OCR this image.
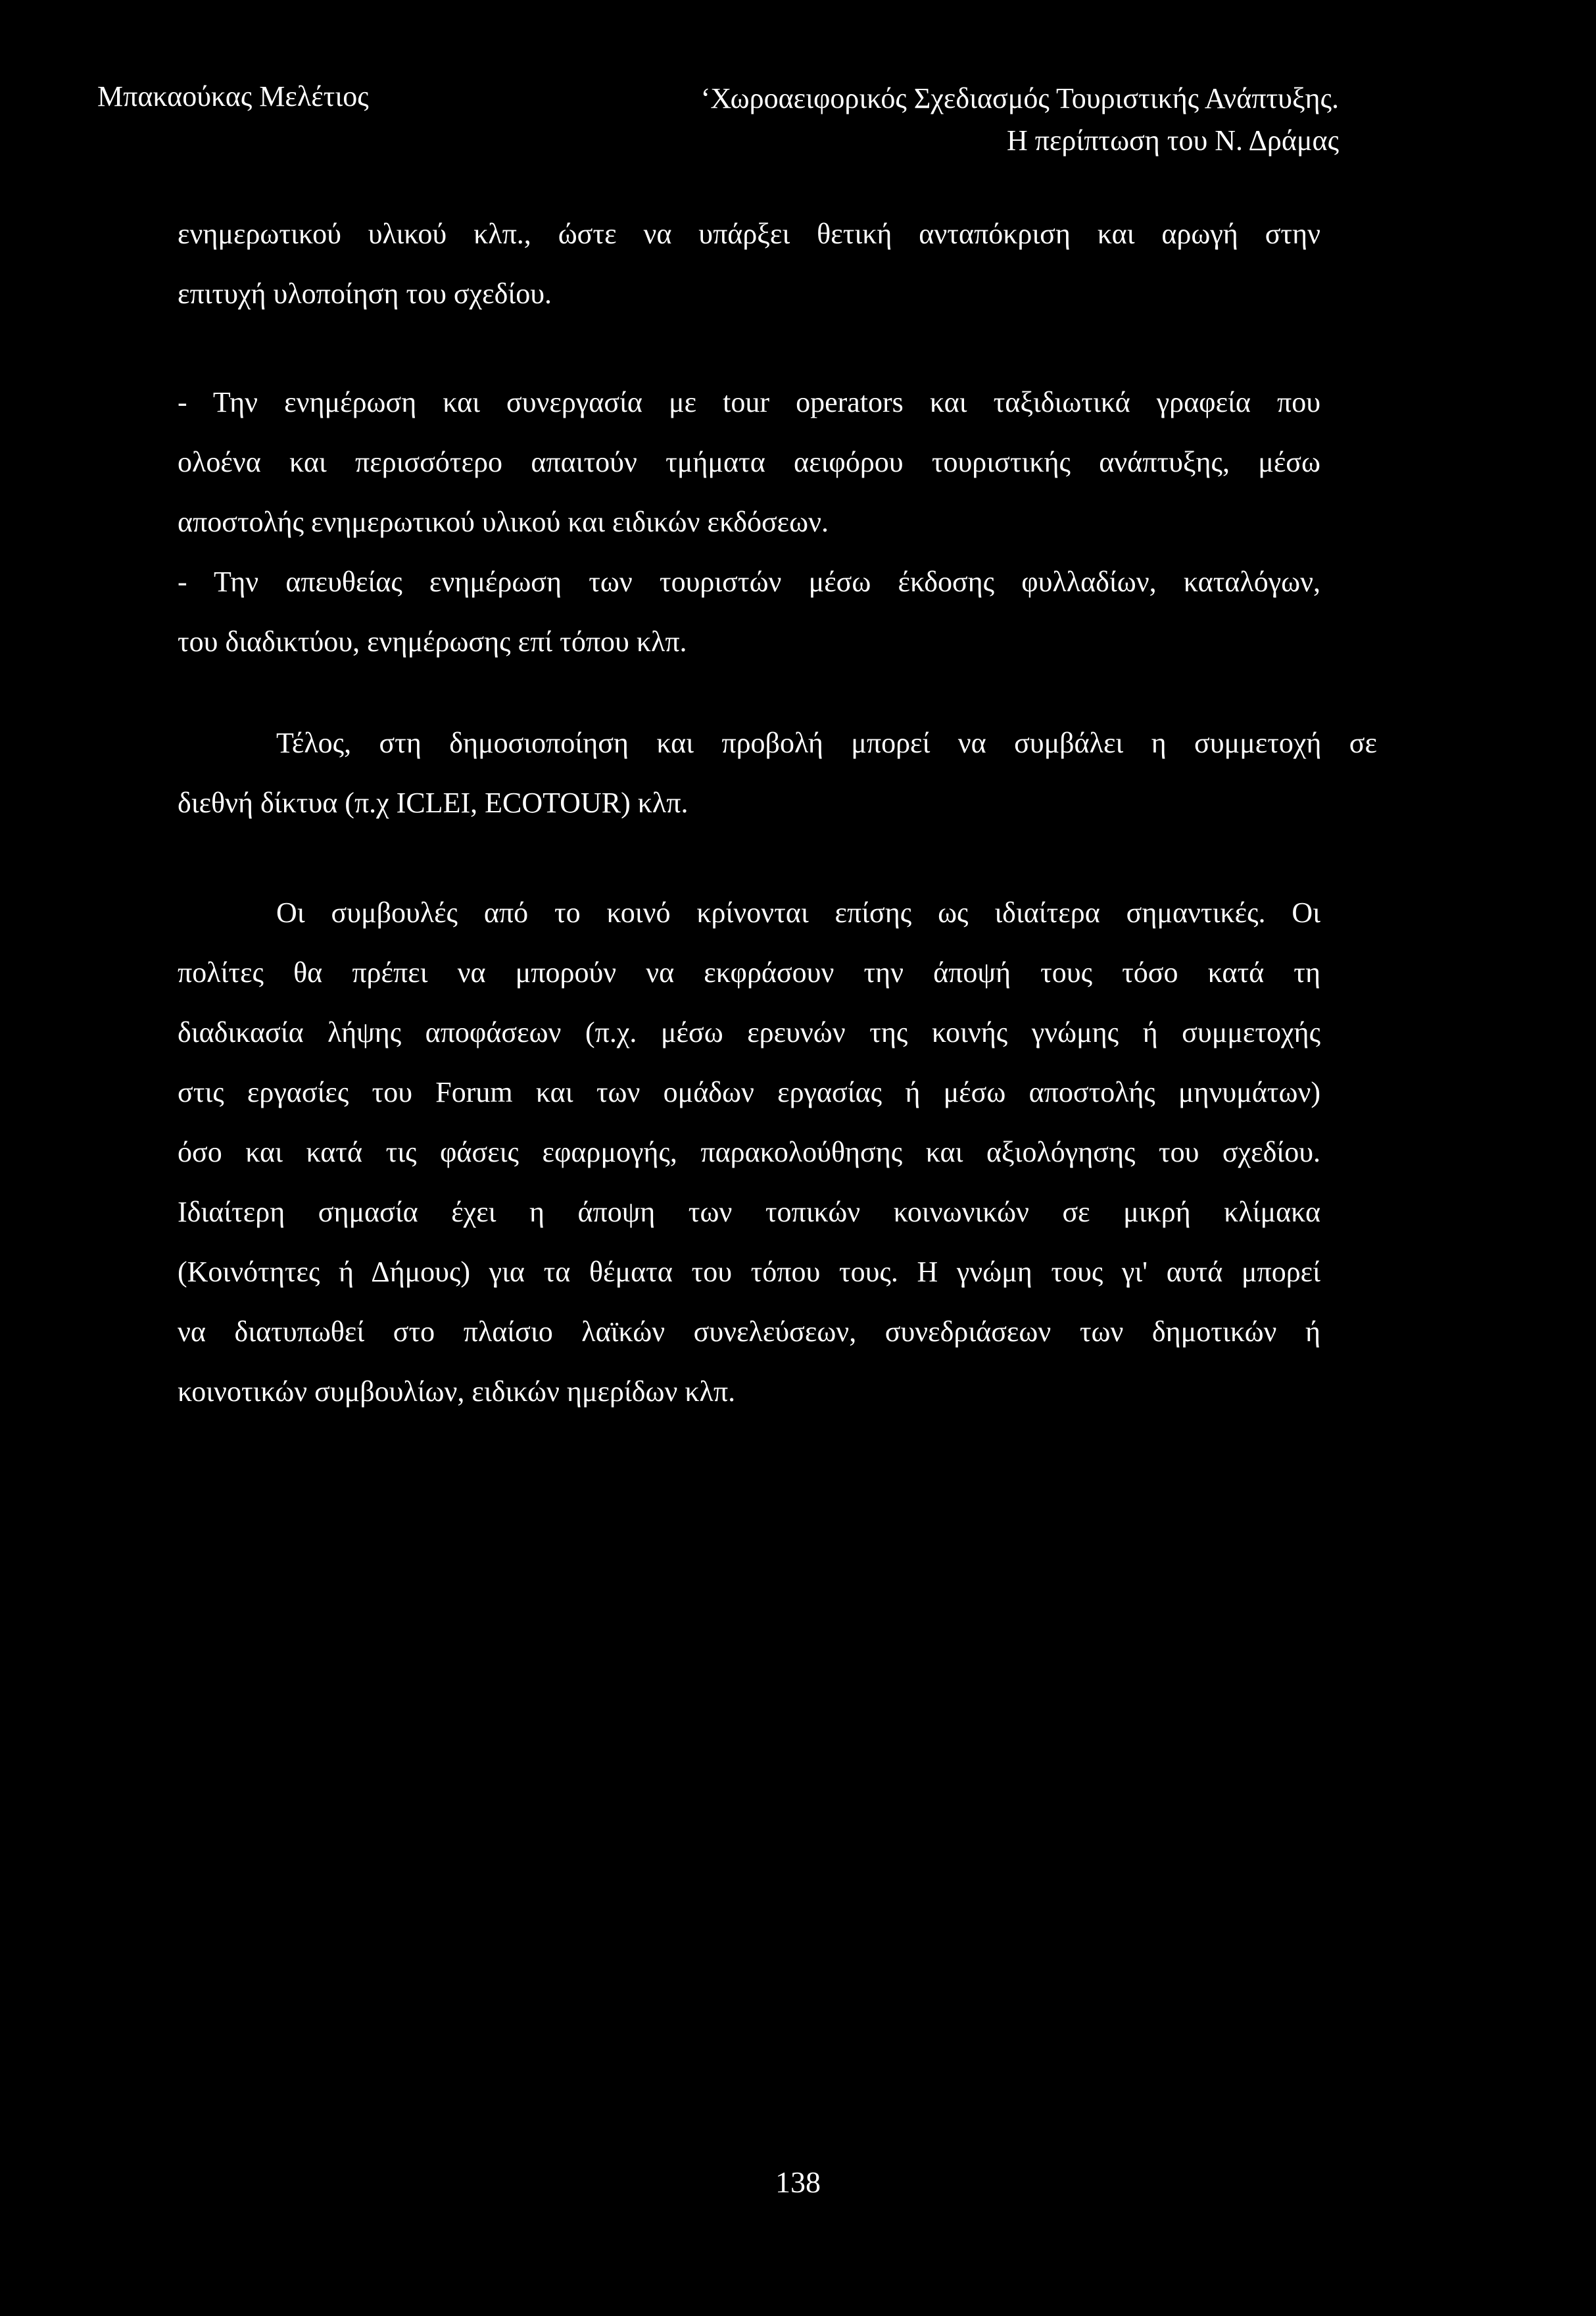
Μπακαούκας Μελέτιος	‘Χωροαειφορικός Σχεδιασμός Τουριστικής Ανάπτυξης.
Η περίπτωση του Ν. Δράμας
ενημερωτικού υλικού κλπ., ώστε να υπάρξει θετική ανταπόκριση και αρωγή στην
επιτυχή υλοποίηση του σχεδίου.
- Την ενημέρωση και συνεργασία με tour operators και ταξιδιωτικά γραφεία που
ολοένα και περισσότερο απαιτούν τμήματα αειφόρου τουριστικής ανάπτυξης, μέσω
αποστολής ενημερωτικού υλικού και ειδικών εκδόσεων.
- Την απευθείας ενημέρωση των τουριστών μέσω έκδοσης φυλλαδίων, καταλόγων,
του διαδικτύου, ενημέρωσης επί τόπου κλπ.
Τέλος, στη δημοσιοποίηση και προβολή μπορεί να συμβάλει η συμμετοχή σε
διεθνή δίκτυα (π.χ ICLEI, ECOTOUR) κλπ.
Οι συμβουλές από το κοινό κρίνονται επίσης ως ιδιαίτερα σημαντικές. Οι
πολίτες θα πρέπει να μπορούν να εκφράσουν την άποψή τους τόσο κατά τη
διαδικασία λήψης αποφάσεων (π.χ. μέσω ερευνών της κοινής γνώμης ή συμμετοχής
στις εργασίες του Forum και των ομάδων εργασίας ή μέσω αποστολής μηνυμάτων)
όσο και κατά τις φάσεις εφαρμογής, παρακολούθησης και αξιολόγησης του σχεδίου.
Ιδιαίτερη σημασία έχει η άποψη των τοπικών κοινωνικών σε μικρή κλίμακα
(Κοινότητες ή Δήμους) για τα θέματα του τόπου τους. Η γνώμη τους γι' αυτά μπορεί
να διατυπωθεί στο πλαίσιο λαϊκών συνελεύσεων, συνεδριάσεων των δημοτικών ή
κοινοτικών συμβουλίων, ειδικών ημερίδων κλπ.
138
